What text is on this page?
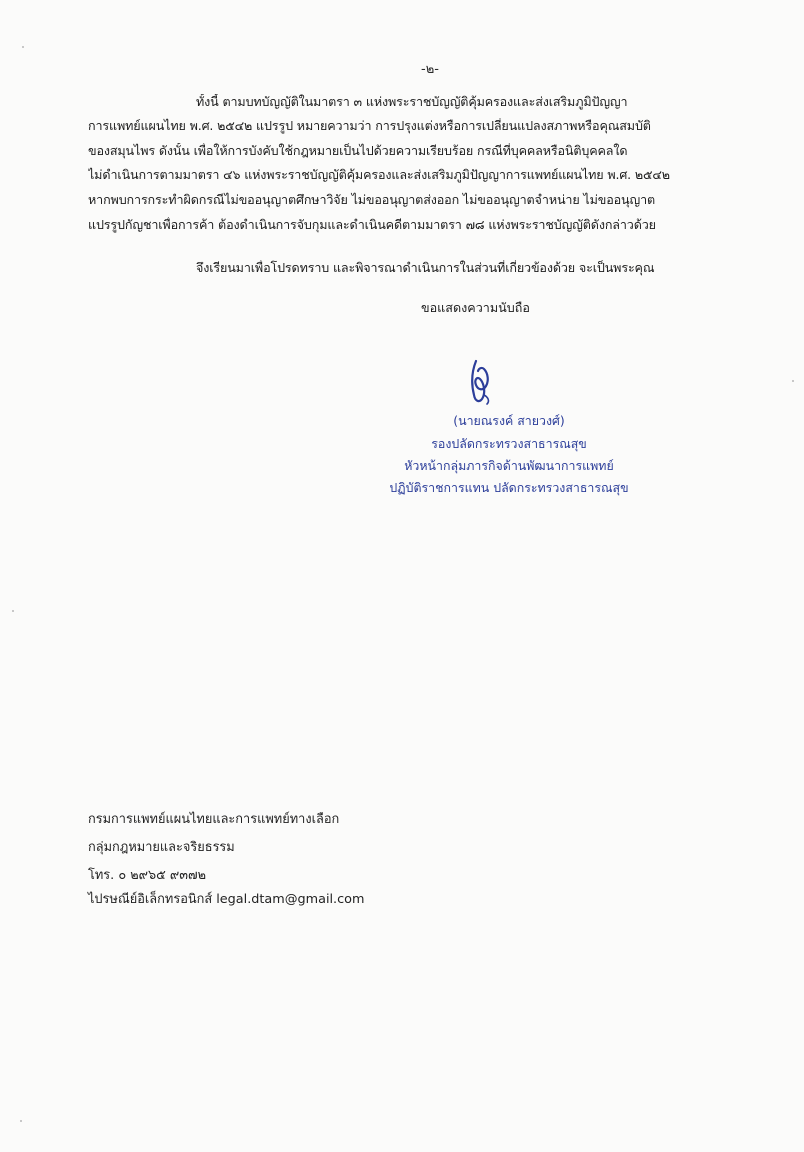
-๒-
ทั้งนี้ ตามบทบัญญัติในมาตรา ๓ แห่งพระราชบัญญัติคุ้มครองและส่งเสริมภูมิปัญญา
การแพทย์แผนไทย พ.ศ. ๒๕๔๒ แปรรูป หมายความว่า การปรุงแต่งหรือการเปลี่ยนแปลงสภาพหรือคุณสมบัติ
ของสมุนไพร ดังนั้น เพื่อให้การบังคับใช้กฎหมายเป็นไปด้วยความเรียบร้อย กรณีที่บุคคลหรือนิติบุคคลใด
ไม่ดำเนินการตามมาตรา ๔๖ แห่งพระราชบัญญัติคุ้มครองและส่งเสริมภูมิปัญญาการแพทย์แผนไทย พ.ศ. ๒๕๔๒
หากพบการกระทำผิดกรณีไม่ขออนุญาตศึกษาวิจัย ไม่ขออนุญาตส่งออก ไม่ขออนุญาตจำหน่าย ไม่ขออนุญาต
แปรรูปกัญชาเพื่อการค้า ต้องดำเนินการจับกุมและดำเนินคดีตามมาตรา ๗๘ แห่งพระราชบัญญัติดังกล่าวด้วย
จึงเรียนมาเพื่อโปรดทราบ และพิจารณาดำเนินการในส่วนที่เกี่ยวข้องด้วย จะเป็นพระคุณ
ขอแสดงความนับถือ
(นายณรงค์ สายวงศ์)
รองปลัดกระทรวงสาธารณสุข
หัวหน้ากลุ่มภารกิจด้านพัฒนาการแพทย์
ปฏิบัติราชการแทน ปลัดกระทรวงสาธารณสุข
กรมการแพทย์แผนไทยและการแพทย์ทางเลือก
กลุ่มกฎหมายและจริยธรรม
โทร. ๐ ๒๙๖๕ ๙๓๗๒
ไปรษณีย์อิเล็กทรอนิกส์ legal.dtam@gmail.com
